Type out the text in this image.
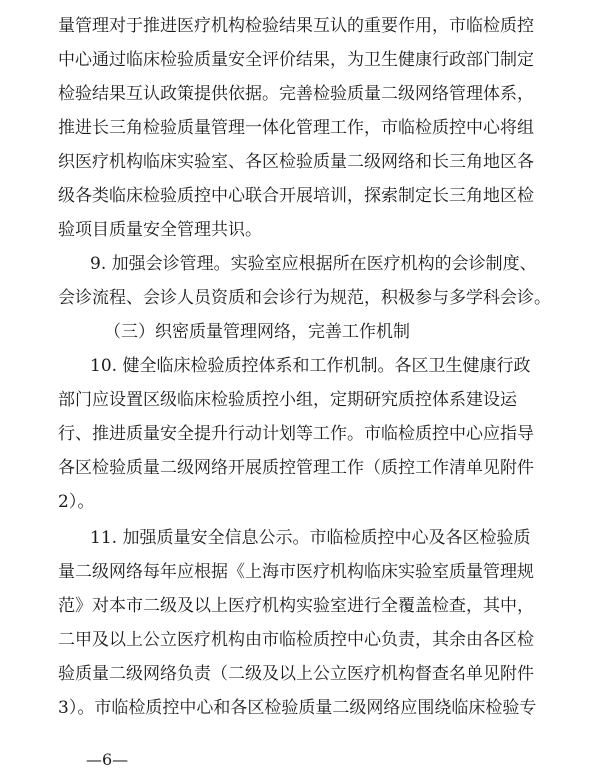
量管理对于推进医疗机构检验结果互认的重要作用，市临检质控
中心通过临床检验质量安全评价结果，为卫生健康行政部门制定
检验结果互认政策提供依据。完善检验质量二级网络管理体系，
推进长三角检验质量管理一体化管理工作，市临检质控中心将组
织医疗机构临床实验室、各区检验质量二级网络和长三角地区各
级各类临床检验质控中心联合开展培训，探索制定长三角地区检
验项目质量安全管理共识。
9. 加强会诊管理。实验室应根据所在医疗机构的会诊制度、
会诊流程、会诊人员资质和会诊行为规范，积极参与多学科会诊。
（三）织密质量管理网络，完善工作机制
10. 健全临床检验质控体系和工作机制。各区卫生健康行政
部门应设置区级临床检验质控小组，定期研究质控体系建设运
行、推进质量安全提升行动计划等工作。市临检质控中心应指导
各区检验质量二级网络开展质控管理工作（质控工作清单见附件
2）。
11. 加强质量安全信息公示。市临检质控中心及各区检验质
量二级网络每年应根据《上海市医疗机构临床实验室质量管理规
范》对本市二级及以上医疗机构实验室进行全覆盖检查，其中，
二甲及以上公立医疗机构由市临检质控中心负责，其余由各区检
验质量二级网络负责（二级及以上公立医疗机构督查名单见附件
3）。市临检质控中心和各区检验质量二级网络应围绕临床检验专
—6—
